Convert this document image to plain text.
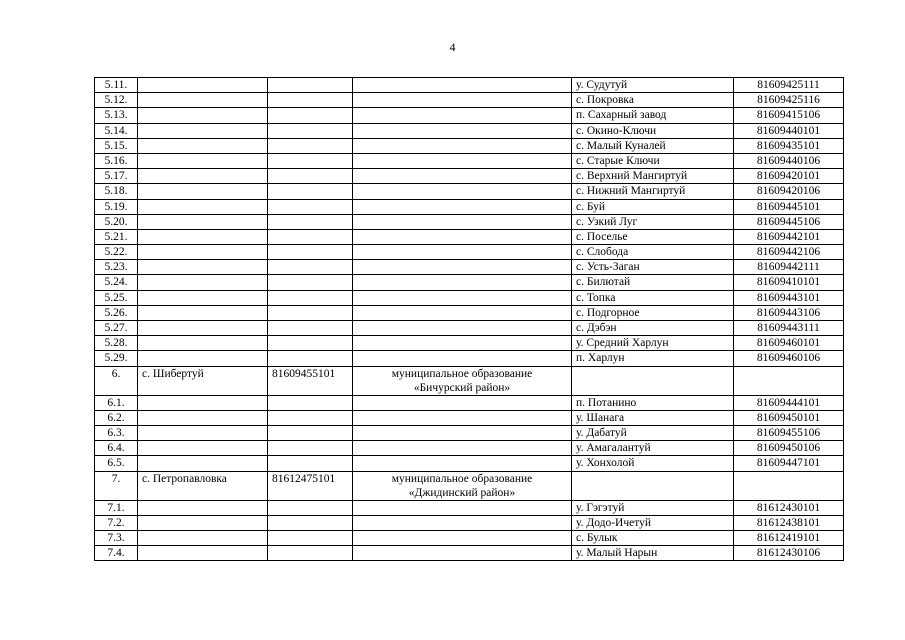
4
5.11.				у. Судутуй	81609425111
5.12.				с. Покровка	81609425116
5.13.				п. Сахарный завод	81609415106
5.14.				с. Окино-Ключи	81609440101
5.15.				с. Малый Куналей	81609435101
5.16.				с. Старые Ключи	81609440106
5.17.				с. Верхний Мангиртуй	81609420101
5.18.				с. Нижний Мангиртуй	81609420106
5.19.				с. Буй	81609445101
5.20.				с. Узкий Луг	81609445106
5.21.				с. Поселье	81609442101
5.22.				с. Слобода	81609442106
5.23.				с. Усть-Заган	81609442111
5.24.				с. Билютай	81609410101
5.25.				с. Топка	81609443101
5.26.				с. Подгорное	81609443106
5.27.				с. Дэбэн	81609443111
5.28.				у. Средний Харлун	81609460101
5.29.				п. Харлун	81609460106
6.	с. Шибертуй	81609455101	муниципальное образование
«Бичурский район»		

6.1.				п. Потанино	81609444101
6.2.				у. Шанага	81609450101
6.3.				у. Дабатуй	81609455106
6.4.				у. Амагалантуй	81609450106
6.5.				у. Хонхолой	81609447101
7.	с. Петропавловка	81612475101	муниципальное образование
«Джидинский район»		

7.1.				у. Гэгэтуй	81612430101
7.2.				у. Додо-Ичетуй	81612438101
7.3.				с. Булык	81612419101
7.4.				у. Малый Нарын	81612430106
